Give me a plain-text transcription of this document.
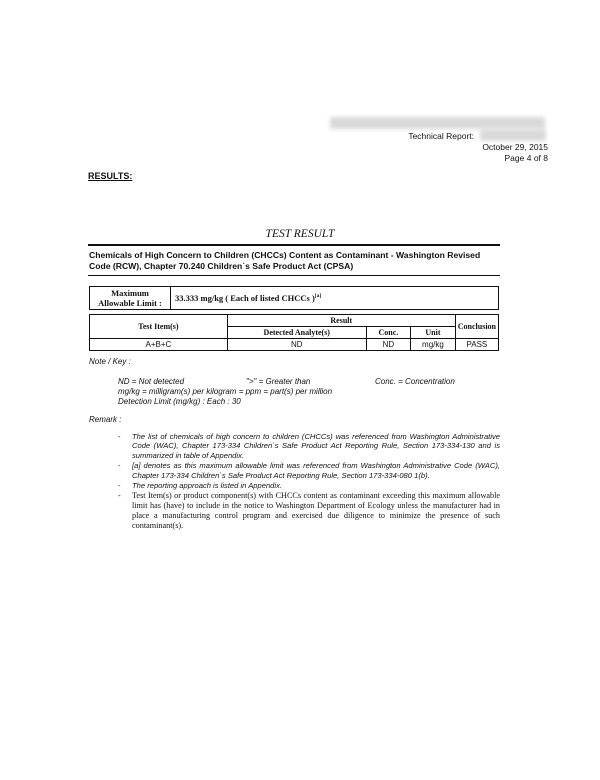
Technical Report:
October 29, 2015
Page 4 of 8
RESULTS:
TEST RESULT
Chemicals of High Concern to Children (CHCCs) Content as Contaminant - Washington Revised Code (RCW), Chapter 70.240 Children`s Safe Product Act (CPSA)
Maximum Allowable Limit :	33.333 mg/kg ( Each of listed CHCCs )[a]
Test Item(s)	Result			Conclusion
	Detected Analyte(s)	Conc.	Unit	
A+B+C	ND	ND	mg/kg	PASS
Note / Key :
ND = Not detected	">" = Greater than	Conc. = Concentration
mg/kg = milligram(s) per kilogram = ppm = part(s) per million
Detection Limit (mg/kg) : Each : 30
Remark :
- The list of chemicals of high concern to children (CHCCs) was referenced from Washington Administrative Code (WAC), Chapter 173-334 Children`s Safe Product Act Reporting Rule, Section 173-334-130 and is summarized in table of Appendix.
- [a] denotes as this maximum allowable limit was referenced from Washington Administrative Code (WAC), Chapter 173-334 Children`s Safe Product Act Reporting Rule, Section 173-334-080 1(b).
- The reporting approach is listed in Appendix.
- Test Item(s) or product component(s) with CHCCs content as contaminant exceeding this maximum allowable limit has (have) to include in the notice to Washington Department of Ecology unless the manufacturer had in place a manufacturing control program and exercised due diligence to minimize the presence of such contaminant(s).
